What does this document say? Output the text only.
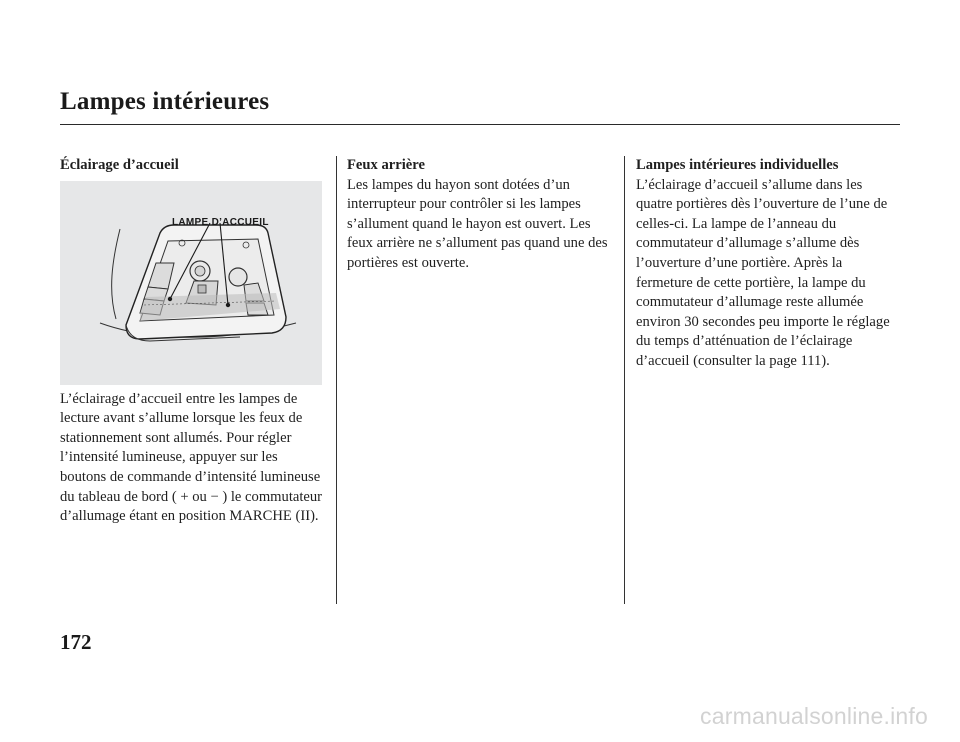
Lampes intérieures
Éclairage d’accueil
LAMPE D’ACCUEIL

L’éclairage d’accueil entre les lampes de lecture avant s’allume lorsque les feux de stationnement sont allumés. Pour régler l’intensité lumineuse, appuyer sur les boutons de commande d’intensité lumineuse du tableau de bord ( + ou − ) le commutateur d’allumage étant en position MARCHE (II).

Feux arrière

Les lampes du hayon sont dotées d’un interrupteur pour contrôler si les lampes s’allument quand le hayon est ouvert. Les feux arrière ne s’allument pas quand une des portières est ouverte.

Lampes intérieures individuelles

L’éclairage d’accueil s’allume dans les quatre portières dès l’ouverture de l’une de celles-ci. La lampe de l’anneau du commutateur d’allumage s’allume dès l’ouverture d’une portière. Après la fermeture de cette portière, la lampe du commutateur d’allumage reste allumée environ 30 secondes peu importe le réglage du temps d’atténuation de l’éclairage d’accueil (consulter la page 111).

172
carmanualsonline.info
